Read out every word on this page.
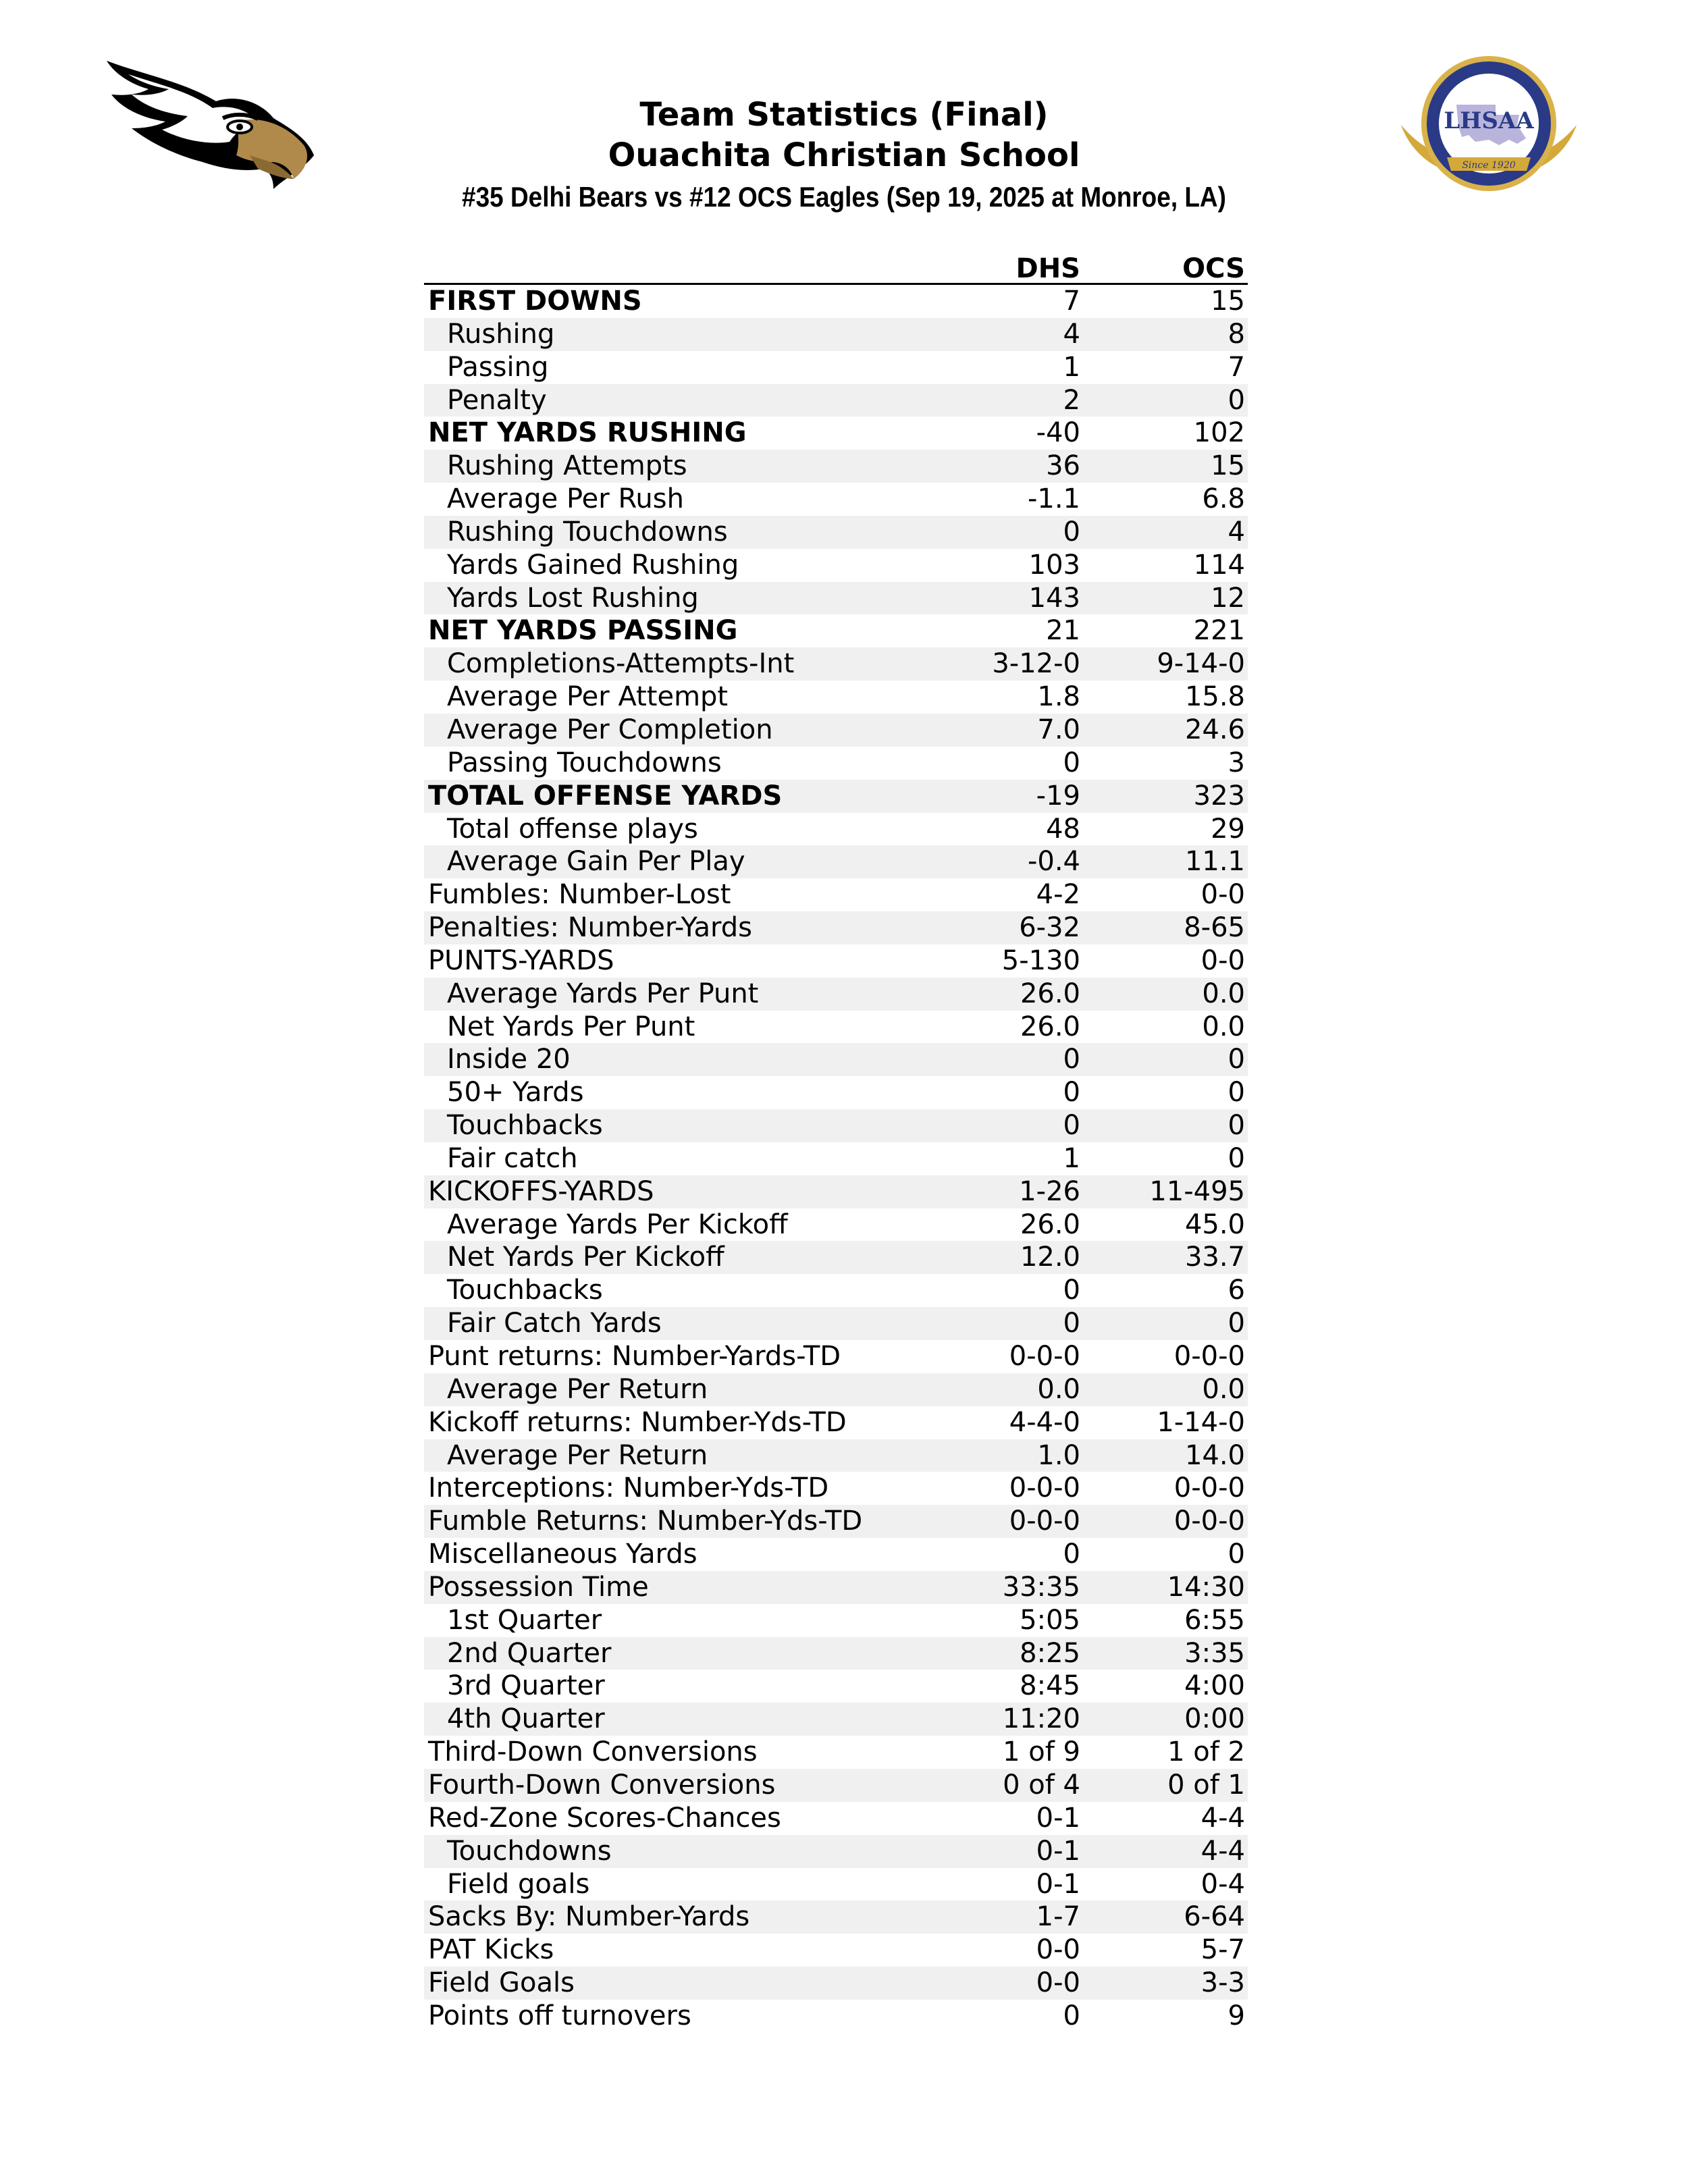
LHSAA
Since 1920
Team Statistics (Final)
Ouachita Christian School
#35 Delhi Bears vs #12 OCS Eagles (Sep 19, 2025 at Monroe, LA)
DHS	OCS
FIRST DOWNS	7	15
Rushing	4	8
Passing	1	7
Penalty	2	0
NET YARDS RUSHING	-40	102
Rushing Attempts	36	15
Average Per Rush	-1.1	6.8
Rushing Touchdowns	0	4
Yards Gained Rushing	103	114
Yards Lost Rushing	143	12
NET YARDS PASSING	21	221
Completions-Attempts-Int	3-12-0	9-14-0
Average Per Attempt	1.8	15.8
Average Per Completion	7.0	24.6
Passing Touchdowns	0	3
TOTAL OFFENSE YARDS	-19	323
Total offense plays	48	29
Average Gain Per Play	-0.4	11.1
Fumbles: Number-Lost	4-2	0-0
Penalties: Number-Yards	6-32	8-65
PUNTS-YARDS	5-130	0-0
Average Yards Per Punt	26.0	0.0
Net Yards Per Punt	26.0	0.0
Inside 20	0	0
50+ Yards	0	0
Touchbacks	0	0
Fair catch	1	0
KICKOFFS-YARDS	1-26	11-495
Average Yards Per Kickoff	26.0	45.0
Net Yards Per Kickoff	12.0	33.7
Touchbacks	0	6
Fair Catch Yards	0	0
Punt returns: Number-Yards-TD	0-0-0	0-0-0
Average Per Return	0.0	0.0
Kickoff returns: Number-Yds-TD	4-4-0	1-14-0
Average Per Return	1.0	14.0
Interceptions: Number-Yds-TD	0-0-0	0-0-0
Fumble Returns: Number-Yds-TD	0-0-0	0-0-0
Miscellaneous Yards	0	0
Possession Time	33:35	14:30
1st Quarter	5:05	6:55
2nd Quarter	8:25	3:35
3rd Quarter	8:45	4:00
4th Quarter	11:20	0:00
Third-Down Conversions	1 of 9	1 of 2
Fourth-Down Conversions	0 of 4	0 of 1
Red-Zone Scores-Chances	0-1	4-4
Touchdowns	0-1	4-4
Field goals	0-1	0-4
Sacks By: Number-Yards	1-7	6-64
PAT Kicks	0-0	5-7
Field Goals	0-0	3-3
Points off turnovers	0	9
